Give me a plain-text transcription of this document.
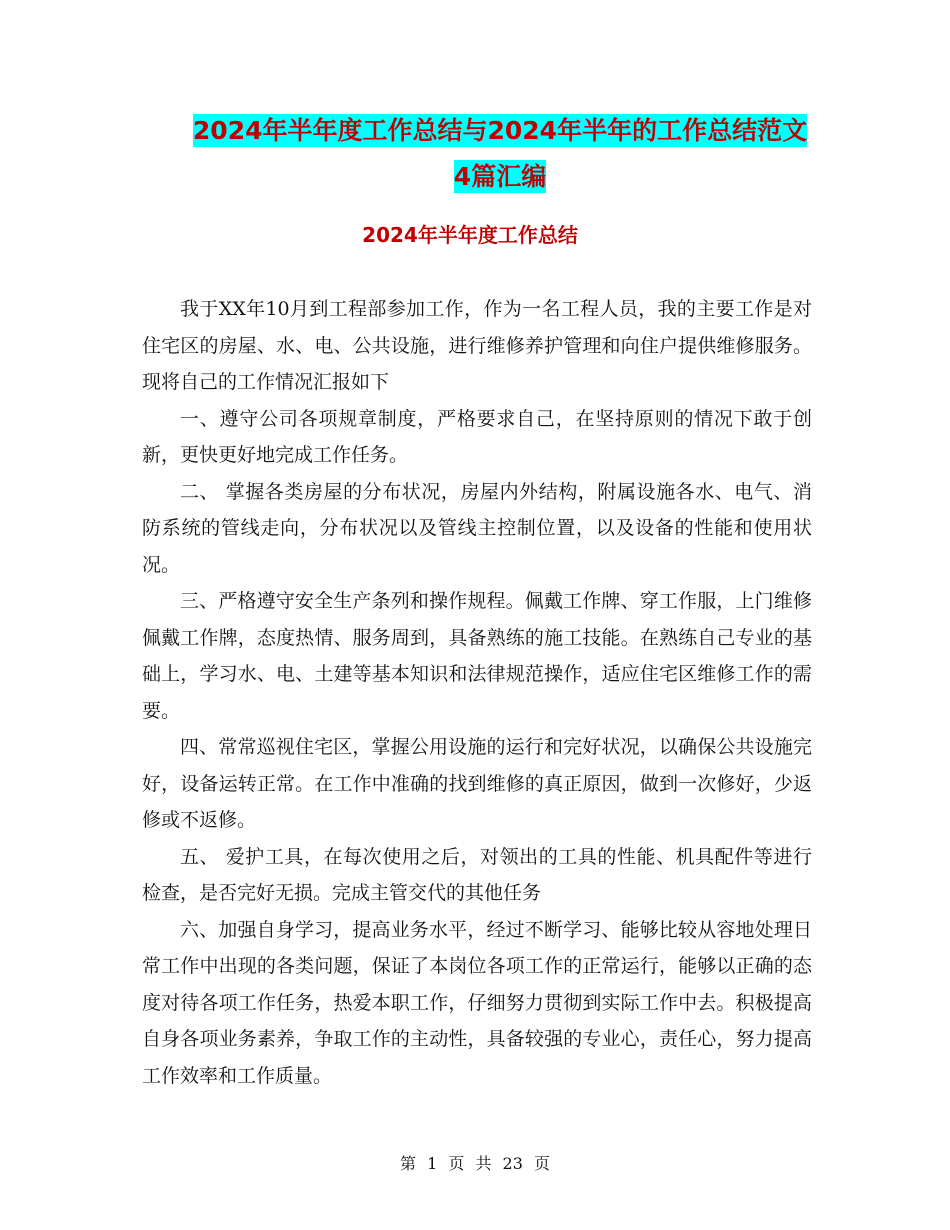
2024年半年度工作总结与2024年半年的工作总结范文
4篇汇编
2024年半年度工作总结

我于XX年10月到工程部参加工作，作为一名工程人员，我的主要工作是对住宅区的房屋、水、电、公共设施，进行维修养护管理和向住户提供维修服务。现将自己的工作情况汇报如下

一、遵守公司各项规章制度，严格要求自己，在坚持原则的情况下敢于创新，更快更好地完成工作任务。

二、 掌握各类房屋的分布状况，房屋内外结构，附属设施各水、电气、消防系统的管线走向，分布状况以及管线主控制位置，以及设备的性能和使用状况。

三、严格遵守安全生产条列和操作规程。佩戴工作牌、穿工作服，上门维修佩戴工作牌，态度热情、服务周到，具备熟练的施工技能。在熟练自己专业的基础上，学习水、电、土建等基本知识和法律规范操作，适应住宅区维修工作的需要。

四、常常巡视住宅区，掌握公用设施的运行和完好状况，以确保公共设施完好，设备运转正常。在工作中准确的找到维修的真正原因，做到一次修好，少返修或不返修。

五、 爱护工具，在每次使用之后，对领出的工具的性能、机具配件等进行检查，是否完好无损。完成主管交代的其他任务

六、加强自身学习，提高业务水平，经过不断学习、能够比较从容地处理日常工作中出现的各类问题，保证了本岗位各项工作的正常运行，能够以正确的态度对待各项工作任务，热爱本职工作，仔细努力贯彻到实际工作中去。积极提高自身各项业务素养，争取工作的主动性，具备较强的专业心，责任心，努力提高工作效率和工作质量。

第 1 页 共 23 页
